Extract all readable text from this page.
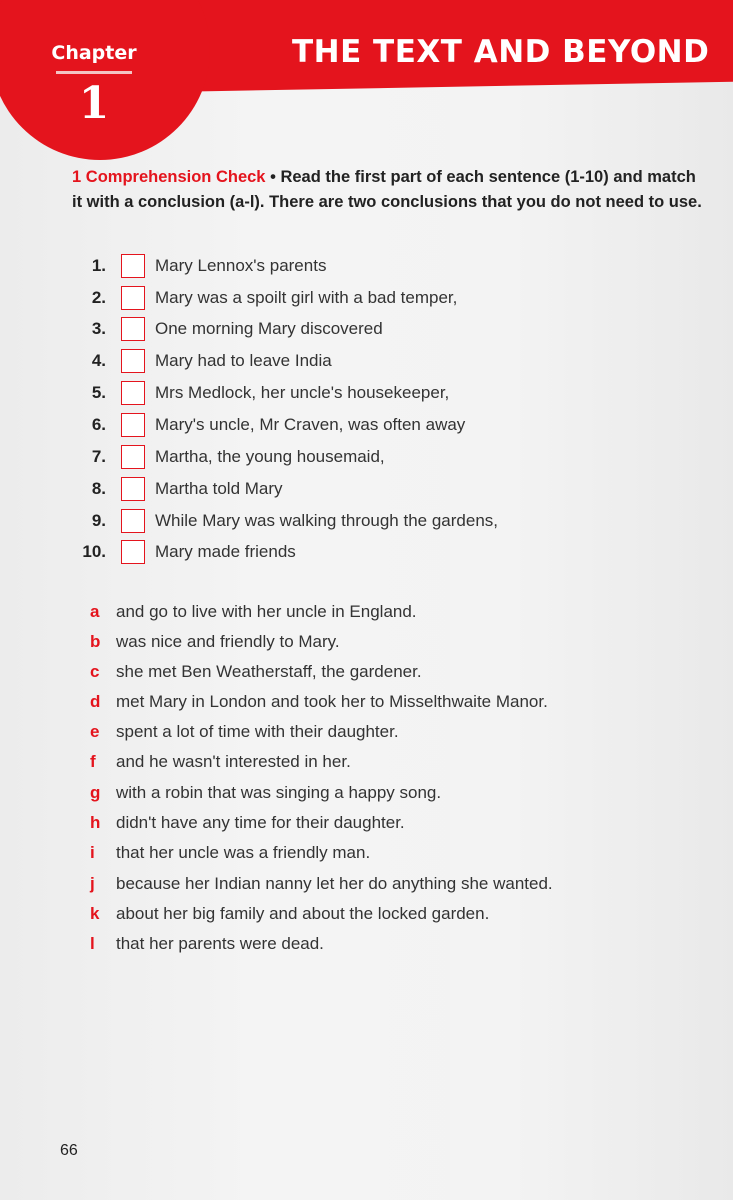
Chapter
1
THE TEXT AND BEYOND
1 Comprehension Check • Read the first part of each sentence (1-10) and match it with a conclusion (a-l). There are two conclusions that you do not need to use.
1.	Mary Lennox's parents
2.	Mary was a spoilt girl with a bad temper,
3.	One morning Mary discovered
4.	Mary had to leave India
5.	Mrs Medlock, her uncle's housekeeper,
6.	Mary's uncle, Mr Craven, was often away
7.	Martha, the young housemaid,
8.	Martha told Mary
9.	While Mary was walking through the gardens,
10.	Mary made friends
a and go to live with her uncle in England.
b was nice and friendly to Mary.
c she met Ben Weatherstaff, the gardener.
d met Mary in London and took her to Misselthwaite Manor.
e spent a lot of time with their daughter.
f	and he wasn't interested in her.
g with a robin that was singing a happy song.
h didn't have any time for their daughter.
i	that her uncle was a friendly man.
j	because her Indian nanny let her do anything she wanted.
k about her big family and about the locked garden.
l	that her parents were dead.
66
